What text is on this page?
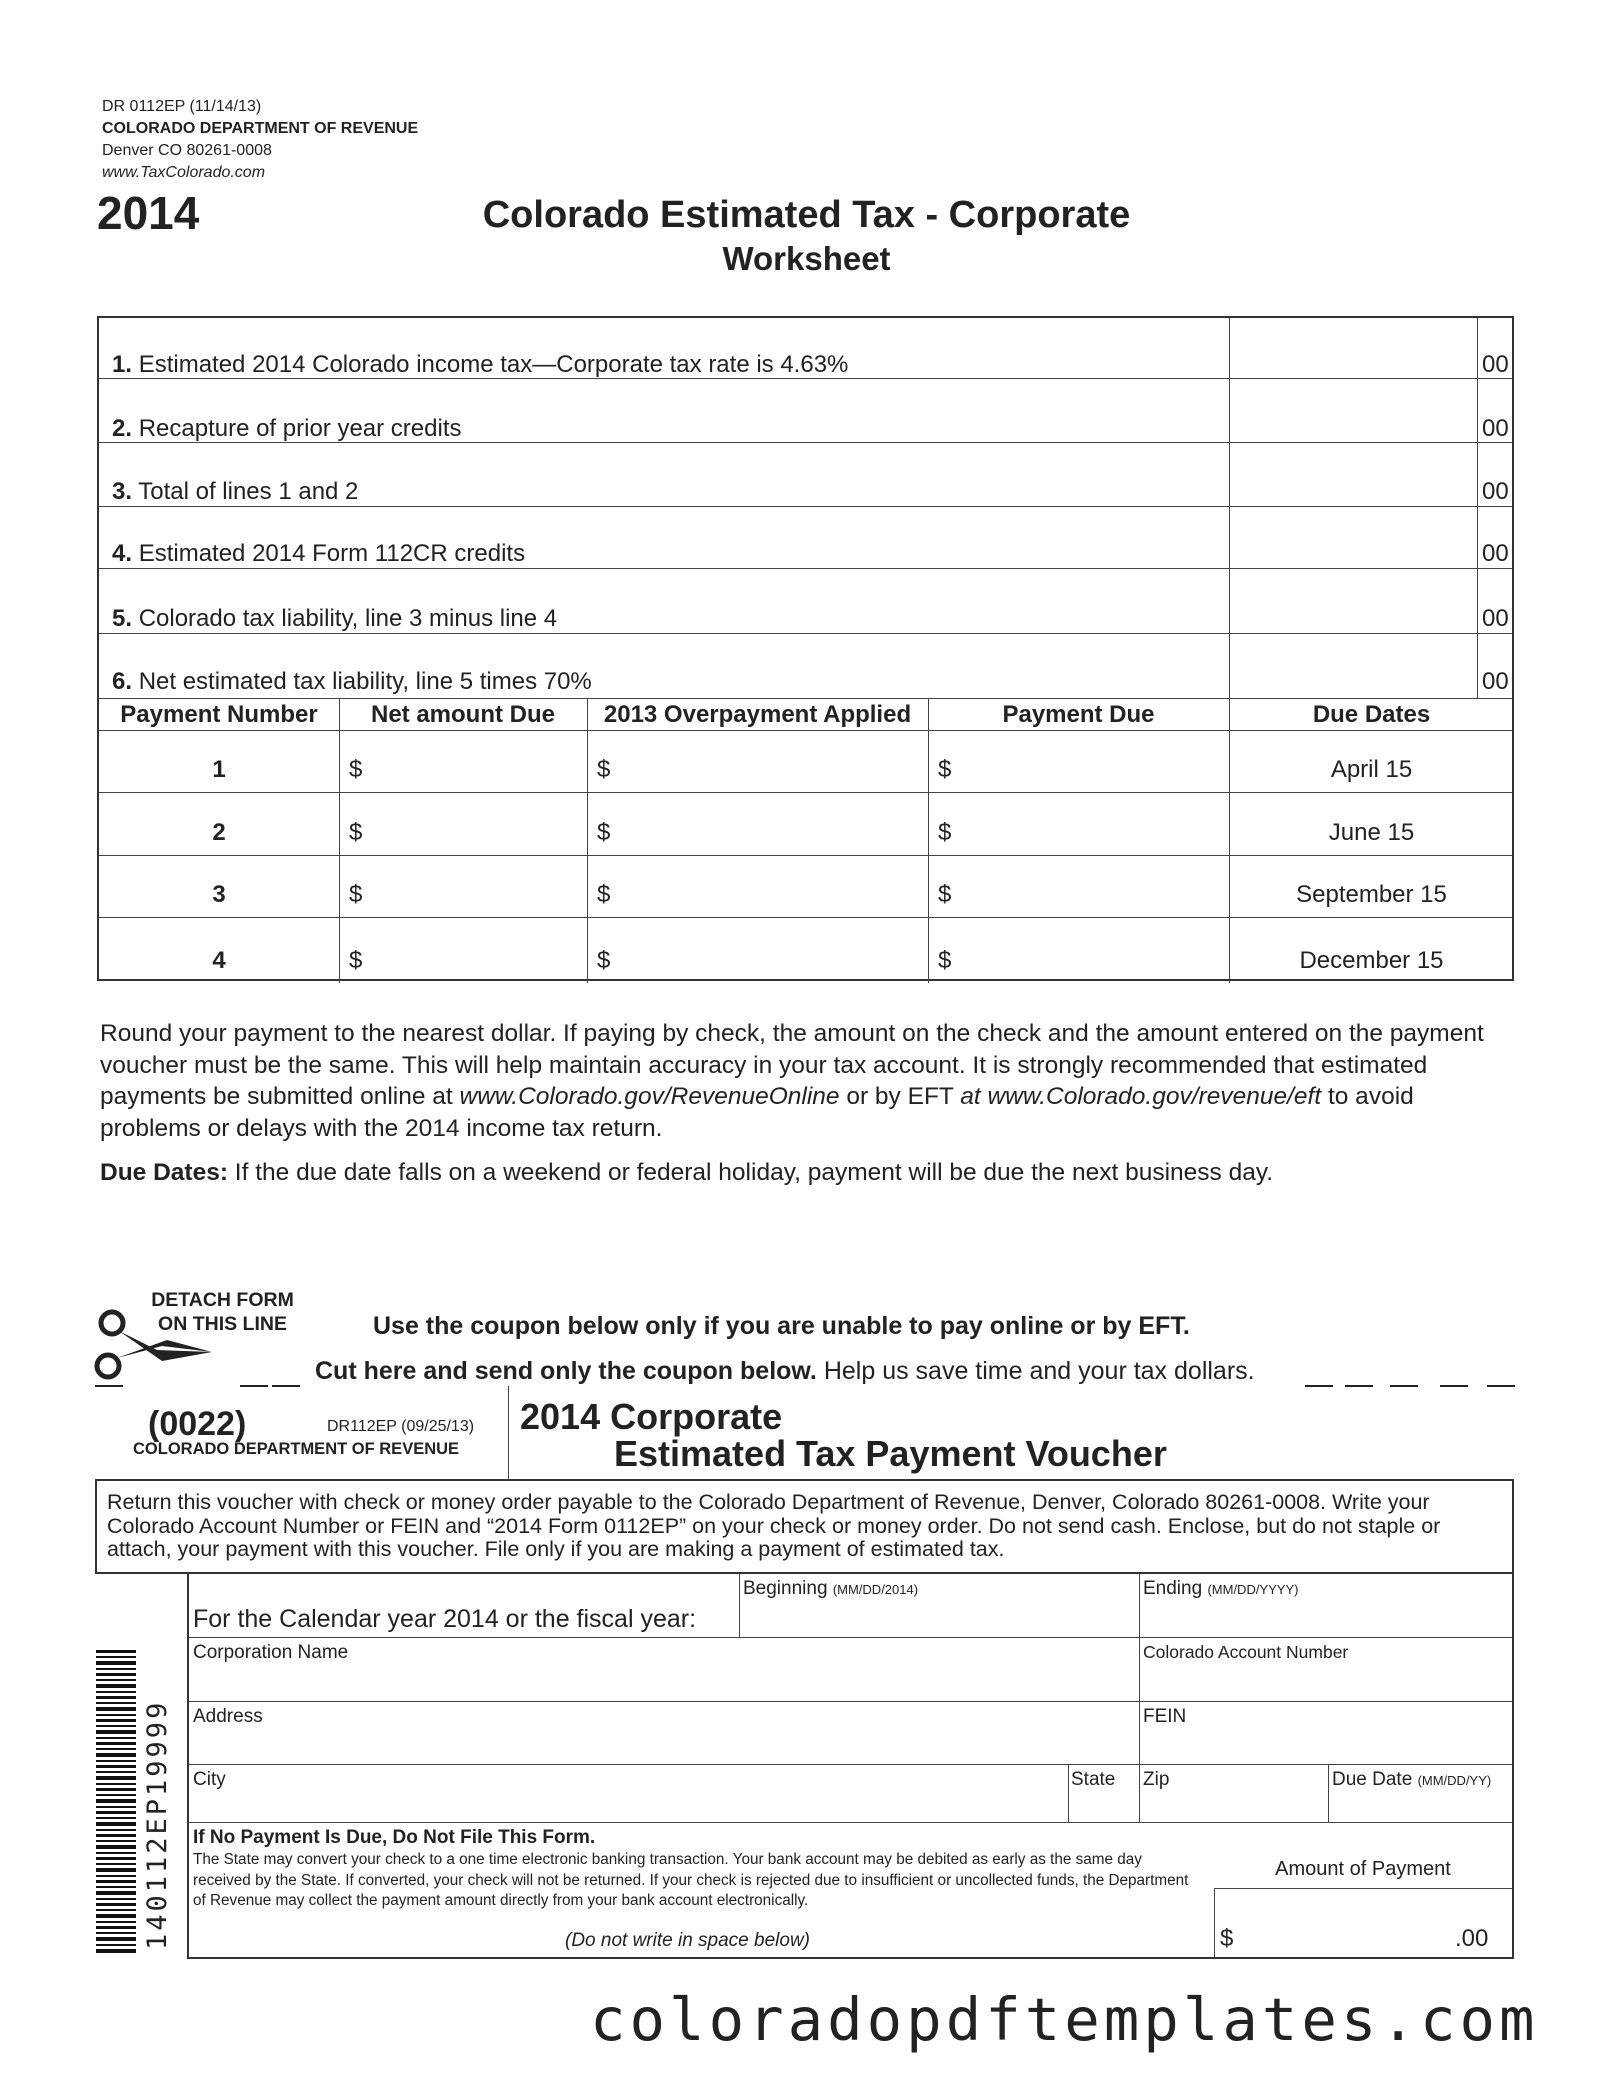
DR 0112EP (11/14/13)
COLORADO DEPARTMENT OF REVENUE
Denver CO 80261-0008
www.TaxColorado.com
2014	Colorado Estimated Tax - Corporate
Worksheet
1. Estimated 2014 Colorado income tax—Corporate tax rate is 4.63%	00
2. Recapture of prior year credits	00
3. Total of lines 1 and 2	00
4. Estimated 2014 Form 112CR credits	00
5. Colorado tax liability, line 3 minus line 4	00
6. Net estimated tax liability, line 5 times 70%	00
Payment Number	Net amount Due	2013 Overpayment Applied	Payment Due	Due Dates
1	$	$	$	April 15
2	$	$	$	June 15
3	$	$	$	September 15
4	$	$	$	December 15
Round your payment to the nearest dollar. If paying by check, the amount on the check and the amount entered on the payment voucher must be the same. This will help maintain accuracy in your tax account. It is strongly recommended that estimated payments be submitted online at www.Colorado.gov/RevenueOnline or by EFT at www.Colorado.gov/revenue/eft to avoid problems or delays with the 2014 income tax return.
Due Dates: If the due date falls on a weekend or federal holiday, payment will be due the next business day.
DETACH FORM
ON THIS LINE	Use the coupon below only if you are unable to pay online or by EFT.
Cut here and send only the coupon below. Help us save time and your tax dollars.
(0022)	DR112EP (09/25/13)
COLORADO DEPARTMENT OF REVENUE
2014 Corporate
Estimated Tax Payment Voucher
Return this voucher with check or money order payable to the Colorado Department of Revenue, Denver, Colorado 80261-0008. Write your Colorado Account Number or FEIN and “2014 Form 0112EP” on your check or money order. Do not send cash. Enclose, but do not staple or attach, your payment with this voucher. File only if you are making a payment of estimated tax.
For the Calendar year 2014 or the fiscal year:
Beginning (MM/DD/2014)	Ending (MM/DD/YYYY)
Corporation Name	Colorado Account Number
Address	FEIN
City	State Zip	Due Date (MM/DD/YY)
If No Payment Is Due, Do Not File This Form.
The State may convert your check to a one time electronic banking transaction. Your bank account may be debited as early as the same day received by the State. If converted, your check will not be returned. If your check is rejected due to insufficient or uncollected funds, the Department of Revenue may collect the payment amount directly from your bank account electronically.
(Do not write in space below)
Amount of Payment
$	.00
140112EP19999
coloradopdftemplates.com
